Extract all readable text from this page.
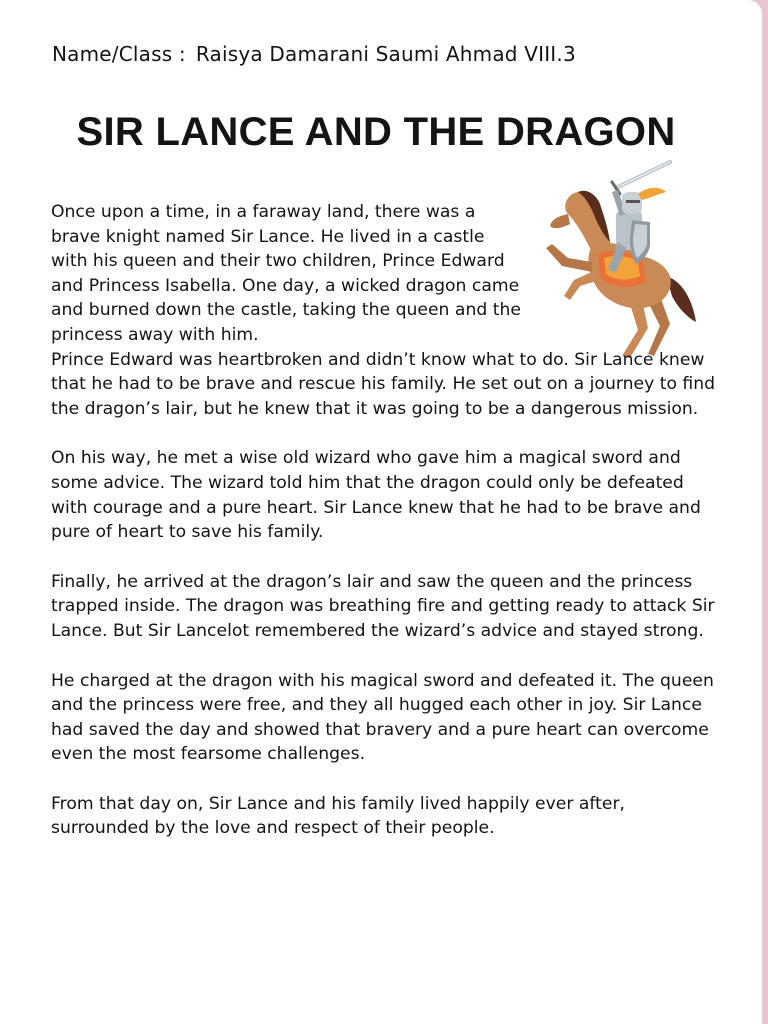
Name/Class : Raisya Damarani Saumi Ahmad VIII.3
SIR LANCE AND THE DRAGON

Once upon a time, in a faraway land, there was a brave knight named Sir Lance. He lived in a castle with his queen and their two children, Prince Edward and Princess Isabella. One day, a wicked dragon came and burned down the castle, taking the queen and the princess away with him.

Prince Edward was heartbroken and didn’t know what to do. Sir Lance knew that he had to be brave and rescue his family. He set out on a journey to find the dragon’s lair, but he knew that it was going to be a dangerous mission.

On his way, he met a wise old wizard who gave him a magical sword and some advice. The wizard told him that the dragon could only be defeated with courage and a pure heart. Sir Lance knew that he had to be brave and pure of heart to save his family.

Finally, he arrived at the dragon’s lair and saw the queen and the princess trapped inside. The dragon was breathing fire and getting ready to attack Sir Lance. But Sir Lancelot remembered the wizard’s advice and stayed strong.

He charged at the dragon with his magical sword and defeated it. The queen and the princess were free, and they all hugged each other in joy. Sir Lance had saved the day and showed that bravery and a pure heart can overcome even the most fearsome challenges.

From that day on, Sir Lance and his family lived happily ever after, surrounded by the love and respect of their people.
